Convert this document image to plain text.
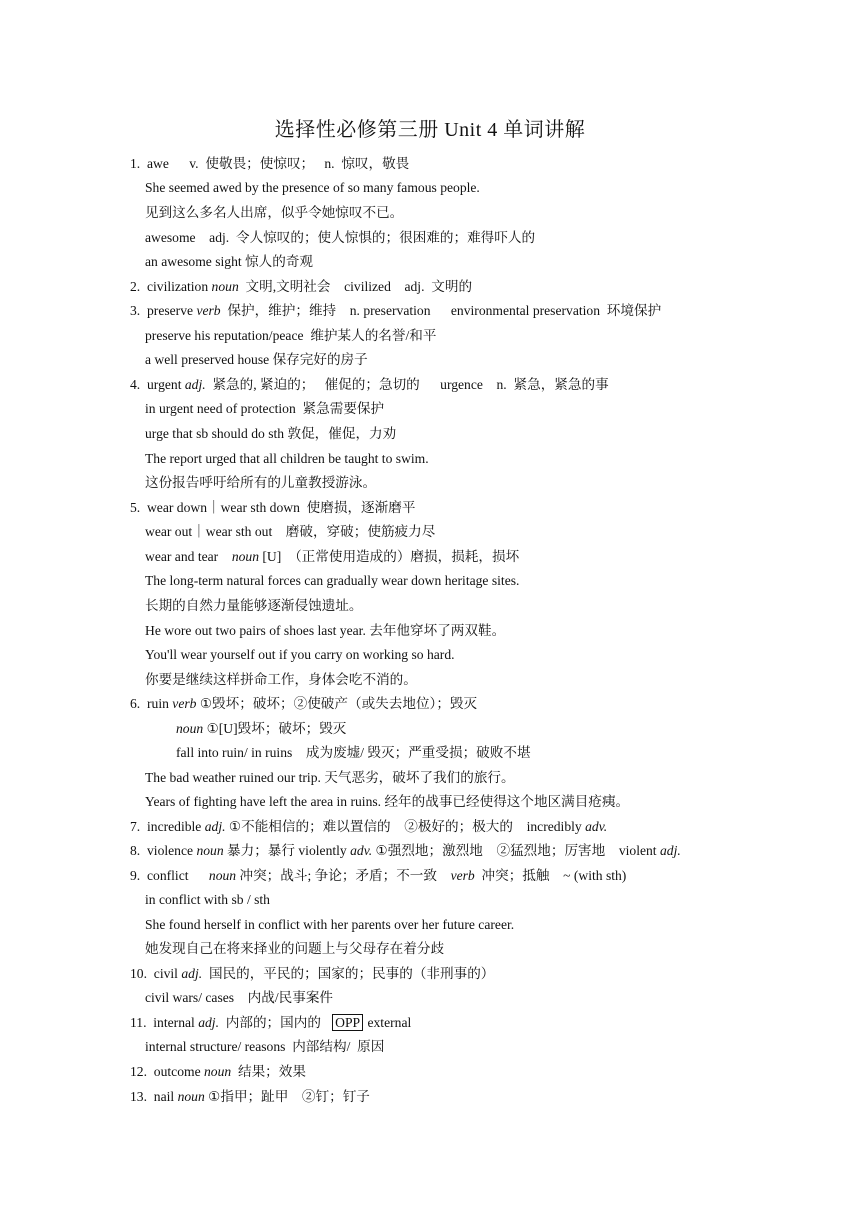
选择性必修第三册 Unit 4 单词讲解
1.  awe      v.  使敬畏；使惊叹；   n.  惊叹，敬畏
She seemed awed by the presence of so many famous people.
见到这么多名人出席，似乎令她惊叹不已。
awesome    adj.  令人惊叹的；使人惊惧的；很困难的；难得吓人的
an awesome sight 惊人的奇观
2.  civilization noun  文明,文明社会    civilized    adj.  文明的
3.  preserve verb  保护，维护；维持    n. preservation      environmental preservation  环境保护
preserve his reputation/peace  维护某人的名誉/和平
a well preserved house 保存完好的房子
4.  urgent adj.  紧急的, 紧迫的；   催促的；急切的      urgence    n.  紧急，紧急的事
in urgent need of protection  紧急需要保护
urge that sb should do sth 敦促，催促，力劝
The report urged that all children be taught to swim.
这份报告呼吁给所有的儿童教授游泳。
5.  wear down｜wear sth down  使磨损，逐渐磨平
wear out｜wear sth out    磨破，穿破；使筋疲力尽
wear and tear    noun [U]  （正常使用造成的）磨损，损耗，损坏
The long-term natural forces can gradually wear down heritage sites.
长期的自然力量能够逐渐侵蚀遗址。
He wore out two pairs of shoes last year. 去年他穿坏了两双鞋。
You'll wear yourself out if you carry on working so hard.
你要是继续这样拼命工作，身体会吃不消的。
6.  ruin verb ①毁坏；破坏；②使破产（或失去地位）；毁灭
noun ①[U]毁坏；破坏；毁灭
fall into ruin/ in ruins    成为废墟/ 毁灭；严重受损；破败不堪
The bad weather ruined our trip. 天气恶劣，破坏了我们的旅行。
Years of fighting have left the area in ruins. 经年的战事已经使得这个地区满目疮痍。
7.  incredible adj. ①不能相信的；难以置信的    ②极好的；极大的    incredibly adv.
8.  violence noun 暴力；暴行 violently adv. ①强烈地；激烈地    ②猛烈地；厉害地    violent adj.
9.  conflict      noun 冲突；战斗; 争论；矛盾；不一致    verb  冲突；抵触    ~ (with sth)
in conflict with sb / sth
She found herself in conflict with her parents over her future career.
她发现自己在将来择业的问题上与父母存在着分歧
10.  civil adj.  国民的，平民的；国家的；民事的（非刑事的）
civil wars/ cases    内战/民事案件
11.  internal adj.  内部的；国内的   OPP external
internal structure/ reasons  内部结构/  原因
12.  outcome noun  结果；效果
13.  nail noun ①指甲；趾甲    ②钉；钉子
